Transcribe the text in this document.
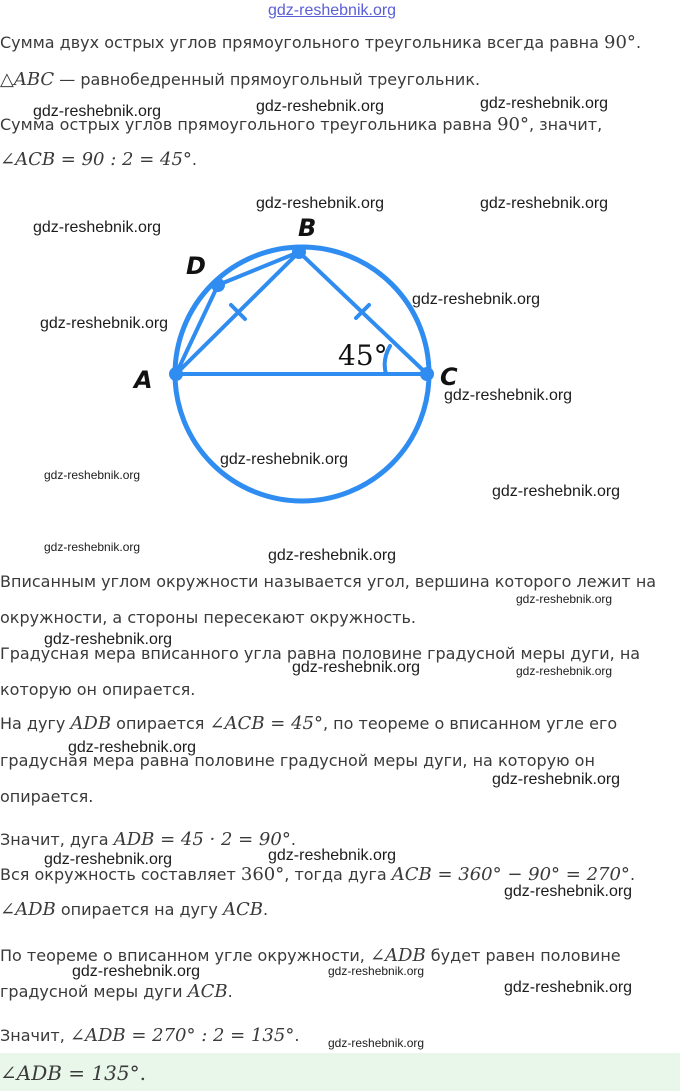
gdz-reshebnik.org
Сумма двух острых углов прямоугольного треугольника всегда равна 90°.
△ABC — равнобедренный прямоугольный треугольник.
Сумма острых углов прямоугольного треугольника равна 90°, значит,
∠ACB = 90 : 2 = 45°.
A
B
C
D
45°
Вписанным углом окружности называется угол, вершина которого лежит на
окружности, а стороны пересекают окружность.
Градусная мера вписанного угла равна половине градусной меры дуги, на
которую он опирается.
На дугу ADB опирается ∠ACB = 45°, по теореме о вписанном угле его
градусная мера равна половине градусной меры дуги, на которую он
опирается.
Значит, дуга ADB = 45 · 2 = 90°.
Вся окружность составляет 360°, тогда дуга ACB = 360° − 90° = 270°.
∠ADB опирается на дугу ACB.
По теореме о вписанном угле окружности, ∠ADB будет равен половине
градусной меры дуги ACB.
Значит, ∠ADB = 270° : 2 = 135°.
∠ADB = 135°.
gdz-reshebnik.org	gdz-reshebnik.org	gdz-reshebnik.org
gdz-reshebnik.org	gdz-reshebnik.org
gdz-reshebnik.org
gdz-reshebnik.org
gdz-reshebnik.org
gdz-reshebnik.org
gdz-reshebnik.org
gdz-reshebnik.org
gdz-reshebnik.org
gdz-reshebnik.org	gdz-reshebnik.org
gdz-reshebnik.org
gdz-reshebnik.org
gdz-reshebnik.org	gdz-reshebnik.org
gdz-reshebnik.org
gdz-reshebnik.org
gdz-reshebnik.org
gdz-reshebnik.org
gdz-reshebnik.org
gdz-reshebnik.org	gdz-reshebnik.org
gdz-reshebnik.org
gdz-reshebnik.org
